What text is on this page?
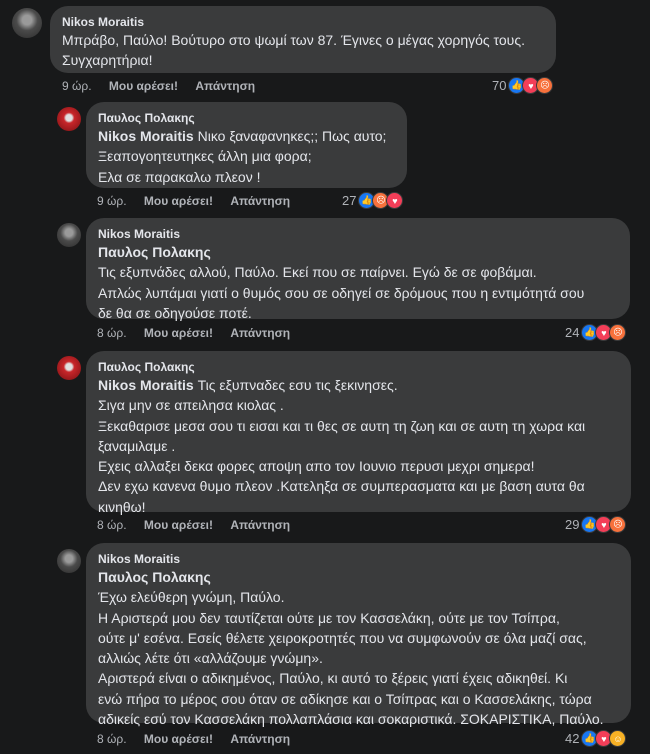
Nikos Moraitis
Μπράβο, Παύλο! Βούτυρο στο ψωμί των 87. Έγινες ο μέγας χορηγός τους.
Συγχαρητήρια!
9 ώρ. Μου αρέσει! Απάντηση	70 👍 ♥ ☹
Παυλος Πολακης
Nikos Moraitis Νικο ξαναφανηκες;; Πως αυτο;
Ξεαπογοητευτηκες άλλη μια φορα;
Ελα σε παρακαλω πλεον !
9 ώρ. Μου αρέσει! Απάντηση	27 👍 ☹ ♥
Nikos Moraitis
Παυλος Πολακης
Τις εξυπνάδες αλλού, Παύλο. Εκεί που σε παίρνει. Εγώ δε σε φοβάμαι.
Απλώς λυπάμαι γιατί ο θυμός σου σε οδηγεί σε δρόμους που η εντιμότητά σου
δε θα σε οδηγούσε ποτέ.
8 ώρ. Μου αρέσει! Απάντηση	24 👍 ♥ ☹
Παυλος Πολακης
Nikos Moraitis Τις εξυπναδες εσυ τις ξεκινησες.
Σιγα μην σε απειλησα κιολας .
Ξεκαθαρισε μεσα σου τι εισαι και τι θες σε αυτη τη ζωη και σε αυτη τη χωρα και
ξαναμιλαμε .
Εχεις αλλαξει δεκα φορες αποψη απο τον Ιουνιο περυσι μεχρι σημερα!
Δεν εχω κανενα θυμο πλεον .Κατεληξα σε συμπερασματα και με βαση αυτα θα
κινηθω!
8 ώρ. Μου αρέσει! Απάντηση	29 👍 ♥ ☹
Nikos Moraitis
Παυλος Πολακης
Έχω ελεύθερη γνώμη, Παύλο.
Η Αριστερά μου δεν ταυτίζεται ούτε με τον Κασσελάκη, ούτε με τον Τσίπρα,
ούτε μ' εσένα. Εσείς θέλετε χειροκροτητές που να συμφωνούν σε όλα μαζί σας,
αλλιώς λέτε ότι «αλλάζουμε γνώμη».
Αριστερά είναι ο αδικημένος, Παύλο, κι αυτό το ξέρεις γιατί έχεις αδικηθεί. Κι
ενώ πήρα το μέρος σου όταν σε αδίκησε και ο Τσίπρας και ο Κασσελάκης, τώρα
αδικείς εσύ τον Κασσελάκη πολλαπλάσια και σοκαριστικά. ΣΟΚΑΡΙΣΤΙΚΑ, Παύλο.
8 ώρ. Μου αρέσει! Απάντηση	42 👍 ♥ ☺
